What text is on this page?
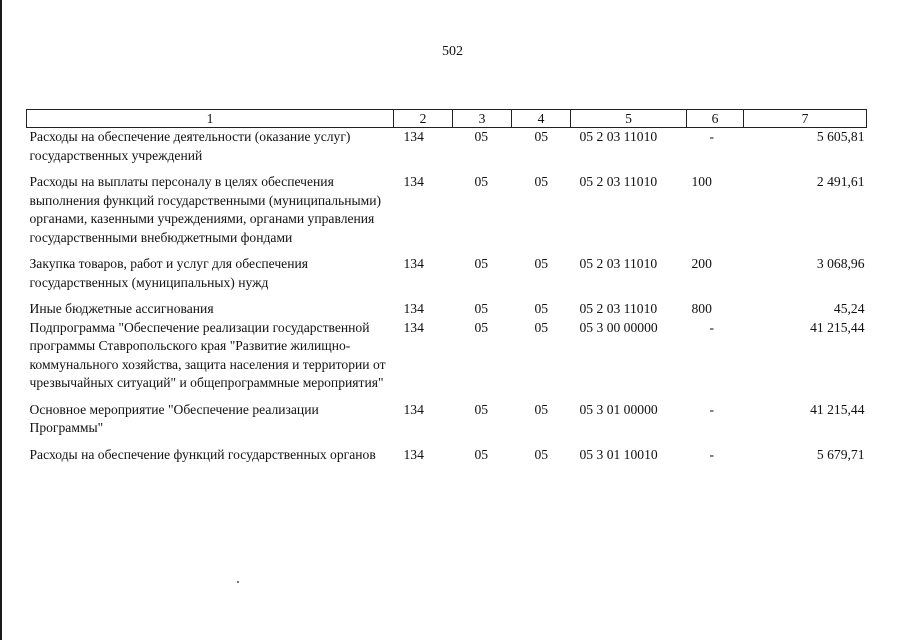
502
1	2	3	4	5	6	7
Расходы на обеспечение деятельности (оказание услуг) государственных учреждений	134	05	05	05 2 03 11010	-	5 605,81
Расходы на выплаты персоналу в целях обеспечения выполнения функций государственными (муниципальными) органами, казенными учреждениями, органами управления государственными внебюджетными фондами	134	05	05	05 2 03 11010	100	2 491,61
Закупка товаров, работ и услуг для обеспечения государственных (муниципальных) нужд	134	05	05	05 2 03 11010	200	3 068,96
Иные бюджетные ассигнования	134	05	05	05 2 03 11010	800	45,24
Подпрограмма "Обеспечение реализации государственной программы Ставропольского края "Развитие жилищно-коммунального хозяйства, защита населения и территории от чрезвычайных ситуаций" и общепрограммные мероприятия"	134	05	05	05 3 00 00000	-	41 215,44
Основное мероприятие "Обеспечение реализации Программы"	134	05	05	05 3 01 00000	-	41 215,44
Расходы на обеспечение функций государственных органов	134	05	05	05 3 01 10010	-	5 679,71
